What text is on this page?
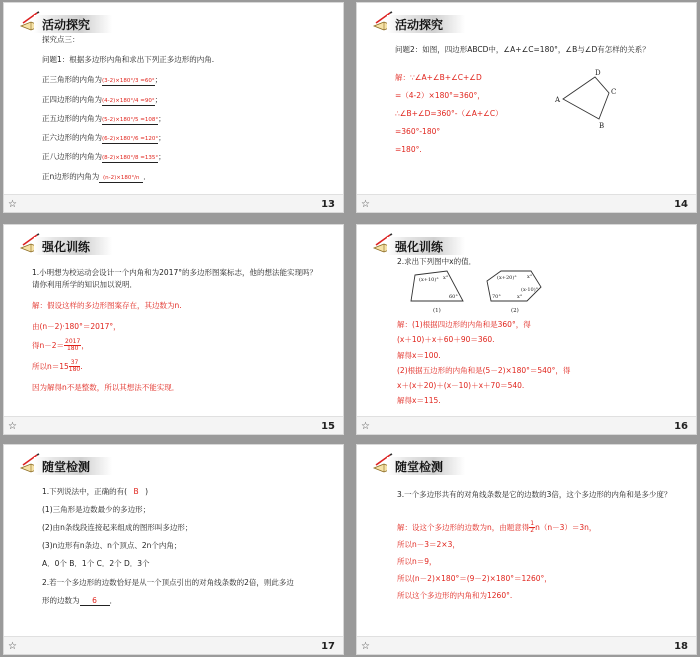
活动探究
探究点三：
问题1：根据多边形内角和求出下列正多边形的内角.
正三角形的内角为(3-2)×180°/3 =60°；
正四边形的内角为(4-2)×180°/4 =90°；
正五边形的内角为(5-2)×180°/5 =108°；
正六边形的内角为(6-2)×180°/6 =120°；
正八边形的内角为(8-2)×180°/8 =135°；
正n边形的内角为 (n-2)×180°/n ．
☆	13
活动探究
问题2：如图，四边形ABCD中，∠A+∠C=180°，∠B与∠D有怎样的关系？
解：∵∠A+∠B+∠C+∠D
=（4-2）×180°=360°，
∴∠B+∠D=360°-（∠A+∠C）
=360°-180°
=180°.
D
C
A
B
☆	14
强化训练
1.小明想为校运动会设计一个内角和为2017°的多边形图案标志，他的想法能实现吗？请你利用所学的知识加以说明．
解：假设这样的多边形图案存在，其边数为n.
由(n－2)·180°＝2017°，
得$n-2= \frac{2017}{180}$ ，
所以$n=15 \frac{37}{180}$ .
因为解得n不是整数，所以其想法不能实现．
☆	15
强化训练
2.求出下列图中x的值．
(x+10)° x°
60°
(1)
(x+20)° x°
(x-10)°
70°	x°
(2)
解：(1)根据四边形的内角和是360°，得
(x＋10)＋x＋60＋90＝360.
解得x＝100.
(2)根据五边形的内角和是(5－2)×180°＝540°，得
x＋(x＋20)＋(x－10)＋x＋70＝540.
解得x＝115.
☆	16
随堂检测
1.下列说法中，正确的有( B )
(1)三角形是边数最少的多边形；
(2)由n条线段连接起来组成的图形叫多边形；
(3)n边形有n条边、n个顶点、2n个内角；
A．0个 B．1个 C．2个 D．3个
2.若一个多边形的边数恰好是从一个顶点引出的对角线条数的2倍，则此多边
形的边数为 6 ．
☆	17
随堂检测
3.一个多边形共有的对角线条数是它的边数的3倍，这个多边形的内角和是多少度？
解：设这个多边形的边数为n，由题意得 $\frac{1}{2} n(n-3)=3n$，
所以n－3＝2×3，
所以n＝9，
所以(n－2)×180°＝(9－2)×180°＝1260°，
所以这个多边形的内角和为1260°.
☆	18
